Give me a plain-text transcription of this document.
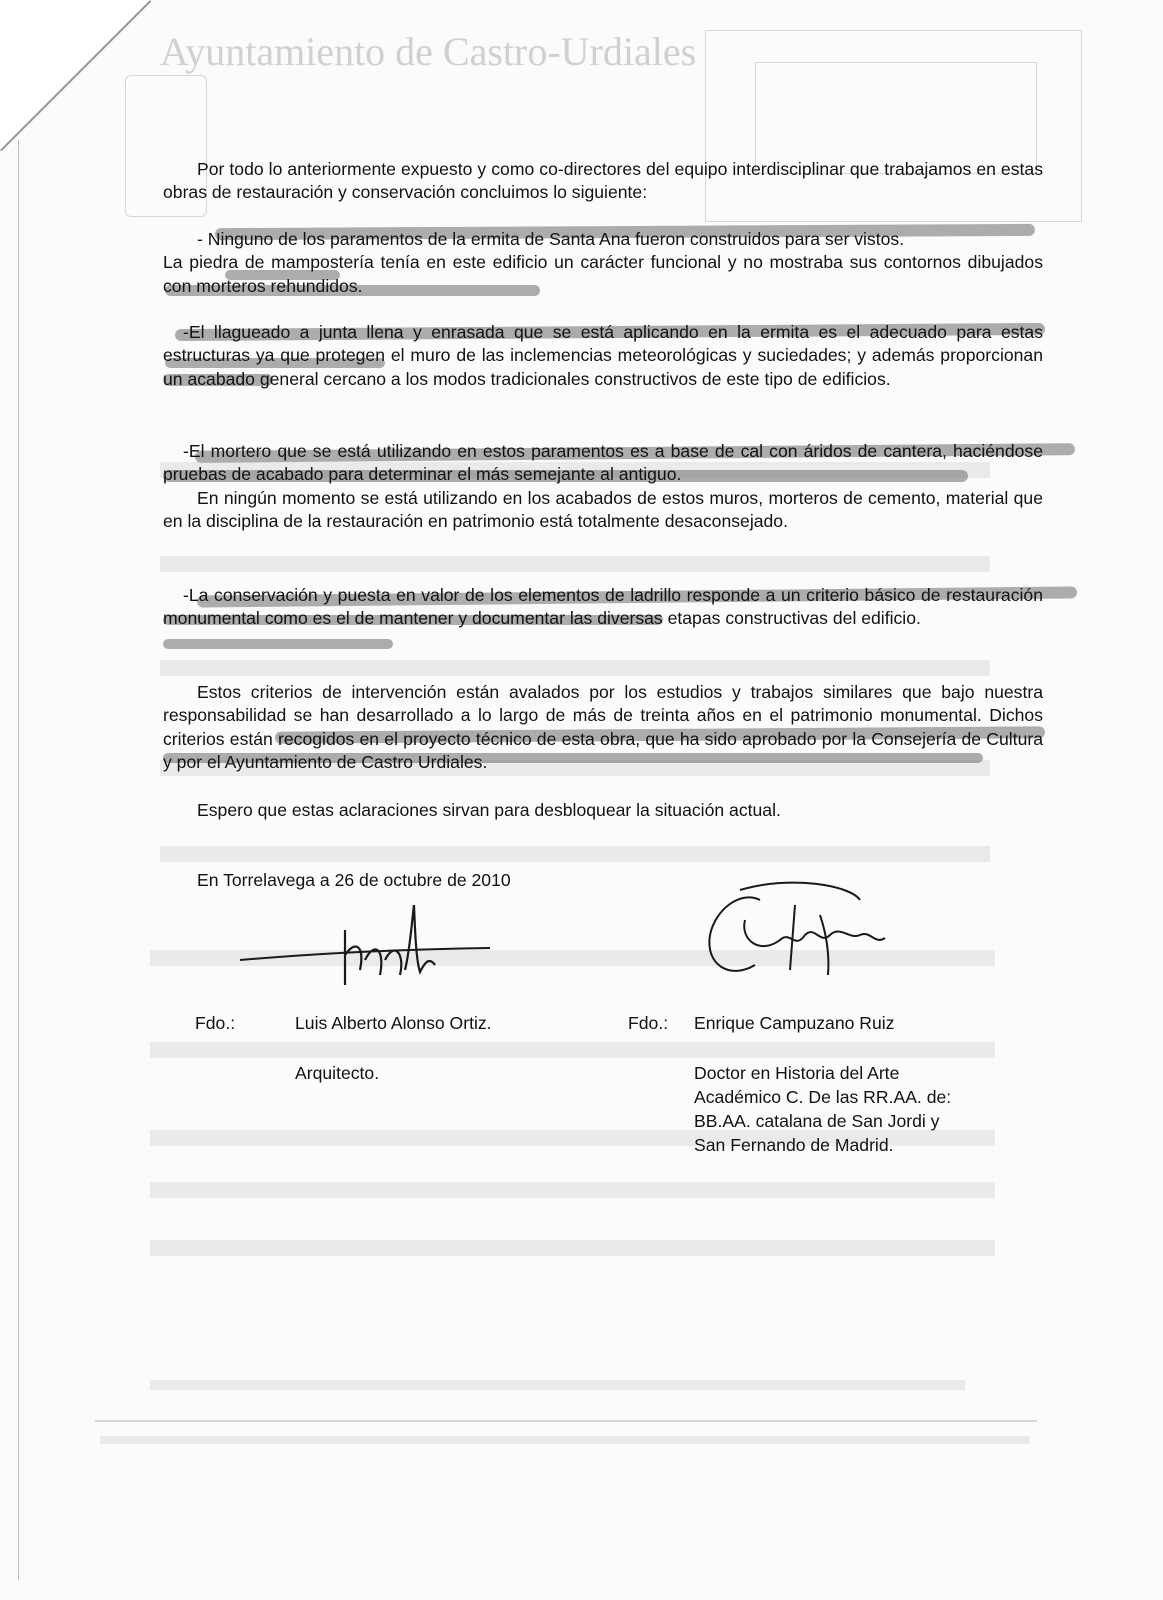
Ayuntamiento de Castro-Urdiales

Por todo lo anteriormente expuesto y como co-directores del equipo interdisciplinar que trabajamos en estas obras de restauración y conservación concluimos lo siguiente:

- Ninguno de los paramentos de la ermita de Santa Ana fueron construidos para ser vistos.

La piedra de mampostería tenía en este edificio un carácter funcional y no mostraba sus contornos dibujados con morteros rehundidos.

-El llagueado a junta llena y enrasada que se está aplicando en la ermita es el adecuado para estas estructuras ya que protegen el muro de las inclemencias meteorológicas y suciedades; y además proporcionan un acabado general cercano a los modos tradicionales constructivos de este tipo de edificios.

-El mortero que se está utilizando en estos paramentos es a base de cal con áridos de cantera, haciéndose pruebas de acabado para determinar el más semejante al antiguo.

En ningún momento se está utilizando en los acabados de estos muros, morteros de cemento, material que en la disciplina de la restauración en patrimonio está totalmente desaconsejado.

-La conservación y puesta en valor de los elementos de ladrillo responde a un criterio básico de restauración monumental como es el de mantener y documentar las diversas etapas constructivas del edificio.

Estos criterios de intervención están avalados por los estudios y trabajos similares que bajo nuestra responsabilidad se han desarrollado a lo largo de más de treinta años en el patrimonio monumental. Dichos criterios están recogidos en el proyecto técnico de esta obra, que ha sido aprobado por la Consejería de Cultura y por el Ayuntamiento de Castro Urdiales.

Espero que estas aclaraciones sirvan para desbloquear la situación actual.

En Torrelavega a 26 de octubre de 2010

Fdo.:	Luis Alberto Alonso Ortiz.	Fdo.: Enrique Campuzano Ruiz
Arquitecto.	Doctor en Historia del Arte
Académico C. De las RR.AA. de:
BB.AA. catalana de San Jordi y
San Fernando de Madrid.
